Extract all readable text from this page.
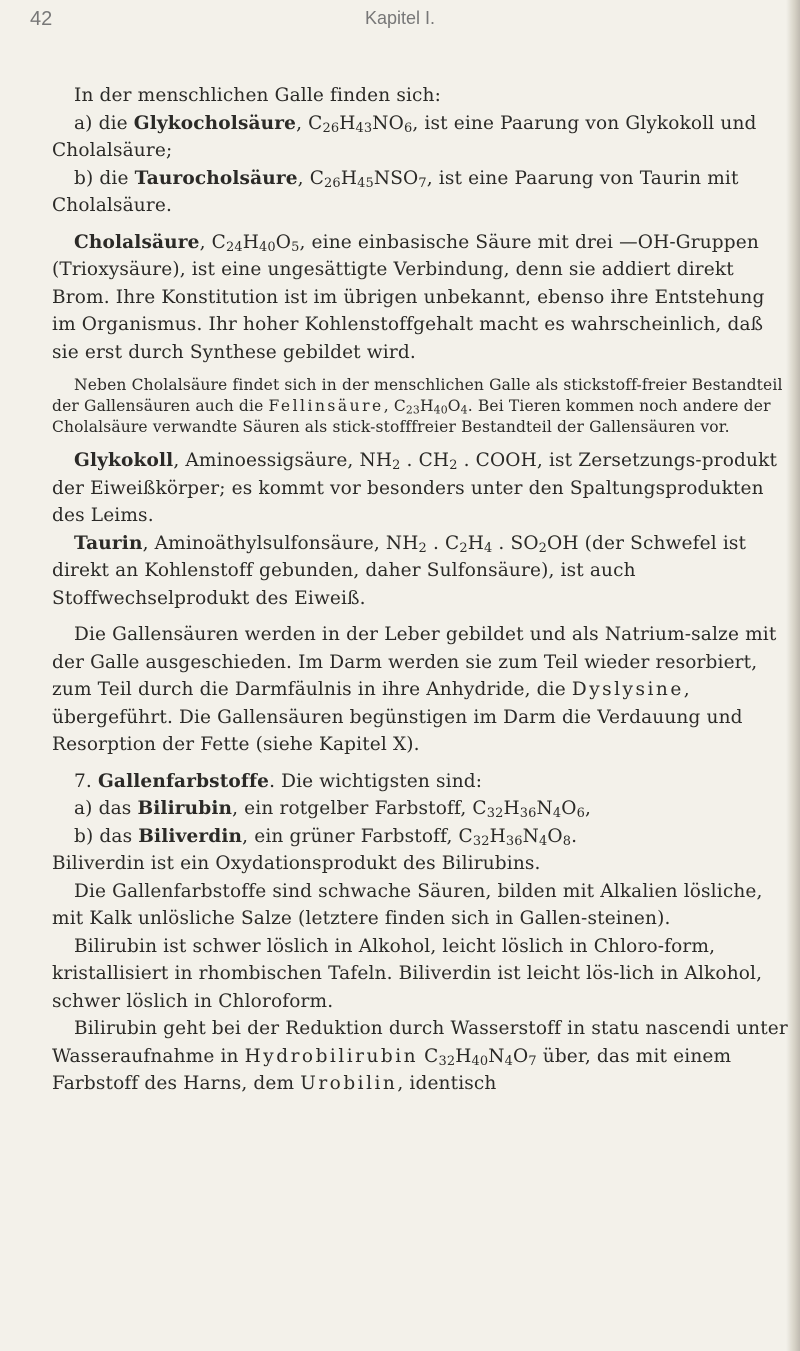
42	Kapitel I.

In der menschlichen Galle finden sich:

a) die Glykocholsäure, $C_{26}H_{43}NO_6$, ist eine Paarung von Glykokoll und Cholalsäure;

b) die Taurocholsäure, $C_{26}H_{45}NSO_7$, ist eine Paarung von Taurin mit Cholalsäure.

Cholalsäure, $C_{24}H_{40}O_5$, eine einbasische Säure mit drei —OH-Gruppen (Trioxysäure), ist eine ungesättigte Verbindung, denn sie addiert direkt Brom. Ihre Konstitution ist im übrigen unbekannt, ebenso ihre Entstehung im Organismus. Ihr hoher Kohlenstoffgehalt macht es wahrscheinlich, daß sie erst durch Synthese gebildet wird.

Neben Cholalsäure findet sich in der menschlichen Galle als stickstoff-freier Bestandteil der Gallensäuren auch die Fellinsäure, $C_{23}H_{40}O_4$. Bei Tieren kommen noch andere der Cholalsäure verwandte Säuren als stick-stofffreier Bestandteil der Gallensäuren vor.

Glykokoll, Aminoessigsäure, $NH_2$ . $CH_2$ . COOH, ist Zersetzungs-produkt der Eiweißkörper; es kommt vor besonders unter den Spaltungsprodukten des Leims.

Taurin, Aminoäthylsulfonsäure, $NH_2$ . $C_2H_4$ . $SO_2OH$ (der Schwefel ist direkt an Kohlenstoff gebunden, daher Sulfonsäure), ist auch Stoffwechselprodukt des Eiweiß.

Die Gallensäuren werden in der Leber gebildet und als Natrium-salze mit der Galle ausgeschieden. Im Darm werden sie zum Teil wieder resorbiert, zum Teil durch die Darmfäulnis in ihre Anhydride, die Dyslysine, übergeführt. Die Gallensäuren begünstigen im Darm die Verdauung und Resorption der Fette (siehe Kapitel X).

7. Gallenfarbstoffe. Die wichtigsten sind:

a) das Bilirubin, ein rotgelber Farbstoff, $C_{32}H_{36}N_4O_6$,

b) das Biliverdin, ein grüner Farbstoff, $C_{32}H_{36}N_4O_8$.

Biliverdin ist ein Oxydationsprodukt des Bilirubins.

Die Gallenfarbstoffe sind schwache Säuren, bilden mit Alkalien lösliche, mit Kalk unlösliche Salze (letztere finden sich in Gallen-steinen).

Bilirubin ist schwer löslich in Alkohol, leicht löslich in Chloro-form, kristallisiert in rhombischen Tafeln. Biliverdin ist leicht lös-lich in Alkohol, schwer löslich in Chloroform.

Bilirubin geht bei der Reduktion durch Wasserstoff in statu nascendi unter Wasseraufnahme in Hydrobilirubin $C_{32}H_{40}N_4O_7$ über, das mit einem Farbstoff des Harns, dem Urobilin, identisch
